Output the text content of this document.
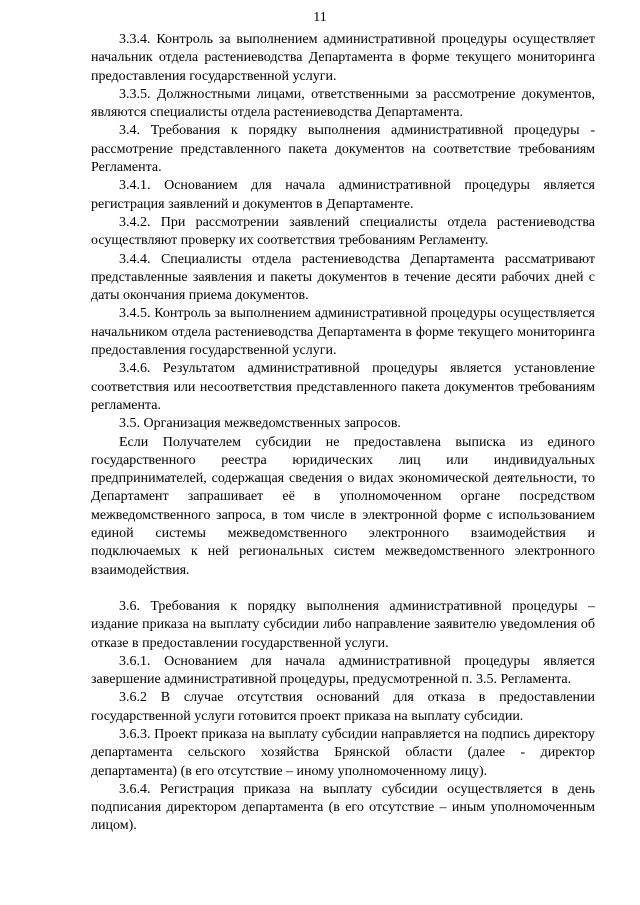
11

3.3.4. Контроль за выполнением административной процедуры осуществляет начальник отдела растениеводства Департамента в форме текущего мониторинга предоставления государственной услуги.

3.3.5. Должностными лицами, ответственными за рассмотрение документов, являются специалисты отдела растениеводства Департамента.

3.4. Требования к порядку выполнения административной процедуры - рассмотрение представленного пакета документов на соответствие требованиям Регламента.

3.4.1. Основанием для начала административной процедуры является регистрация заявлений и документов в Департаменте.

3.4.2. При рассмотрении заявлений специалисты отдела растениеводства осуществляют проверку их соответствия требованиям Регламенту.

3.4.4. Специалисты отдела растениеводства Департамента рассматривают представленные заявления и пакеты документов в течение десяти рабочих дней с даты окончания приема документов.

3.4.5. Контроль за выполнением административной процедуры осуществляется начальником отдела растениеводства Департамента в форме текущего мониторинга предоставления государственной услуги.

3.4.6. Результатом административной процедуры является установление соответствия или несоответствия представленного пакета документов требованиям регламента.

3.5. Организация межведомственных запросов.

Если Получателем субсидии не предоставлена выписка из единого государственного реестра юридических лиц или индивидуальных предпринимателей, содержащая сведения о видах экономической деятельности, то Департамент запрашивает её в уполномоченном органе посредством межведомственного запроса, в том числе в электронной форме с использованием единой системы межведомственного электронного взаимодействия и подключаемых к ней региональных систем межведомственного электронного взаимодействия.

3.6. Требования к порядку выполнения административной процедуры – издание приказа на выплату субсидии либо направление заявителю уведомления об отказе в предоставлении государственной услуги.

3.6.1. Основанием для начала административной процедуры является завершение административной процедуры, предусмотренной п. 3.5. Регламента.

3.6.2 В случае отсутствия оснований для отказа в предоставлении государственной услуги готовится проект приказа на выплату субсидии.

3.6.3. Проект приказа на выплату субсидии направляется на подпись директору департамента сельского хозяйства Брянской области (далее - директор департамента) (в его отсутствие – иному уполномоченному лицу).

3.6.4. Регистрация приказа на выплату субсидии осуществляется в день подписания директором департамента (в его отсутствие – иным уполномоченным лицом).
